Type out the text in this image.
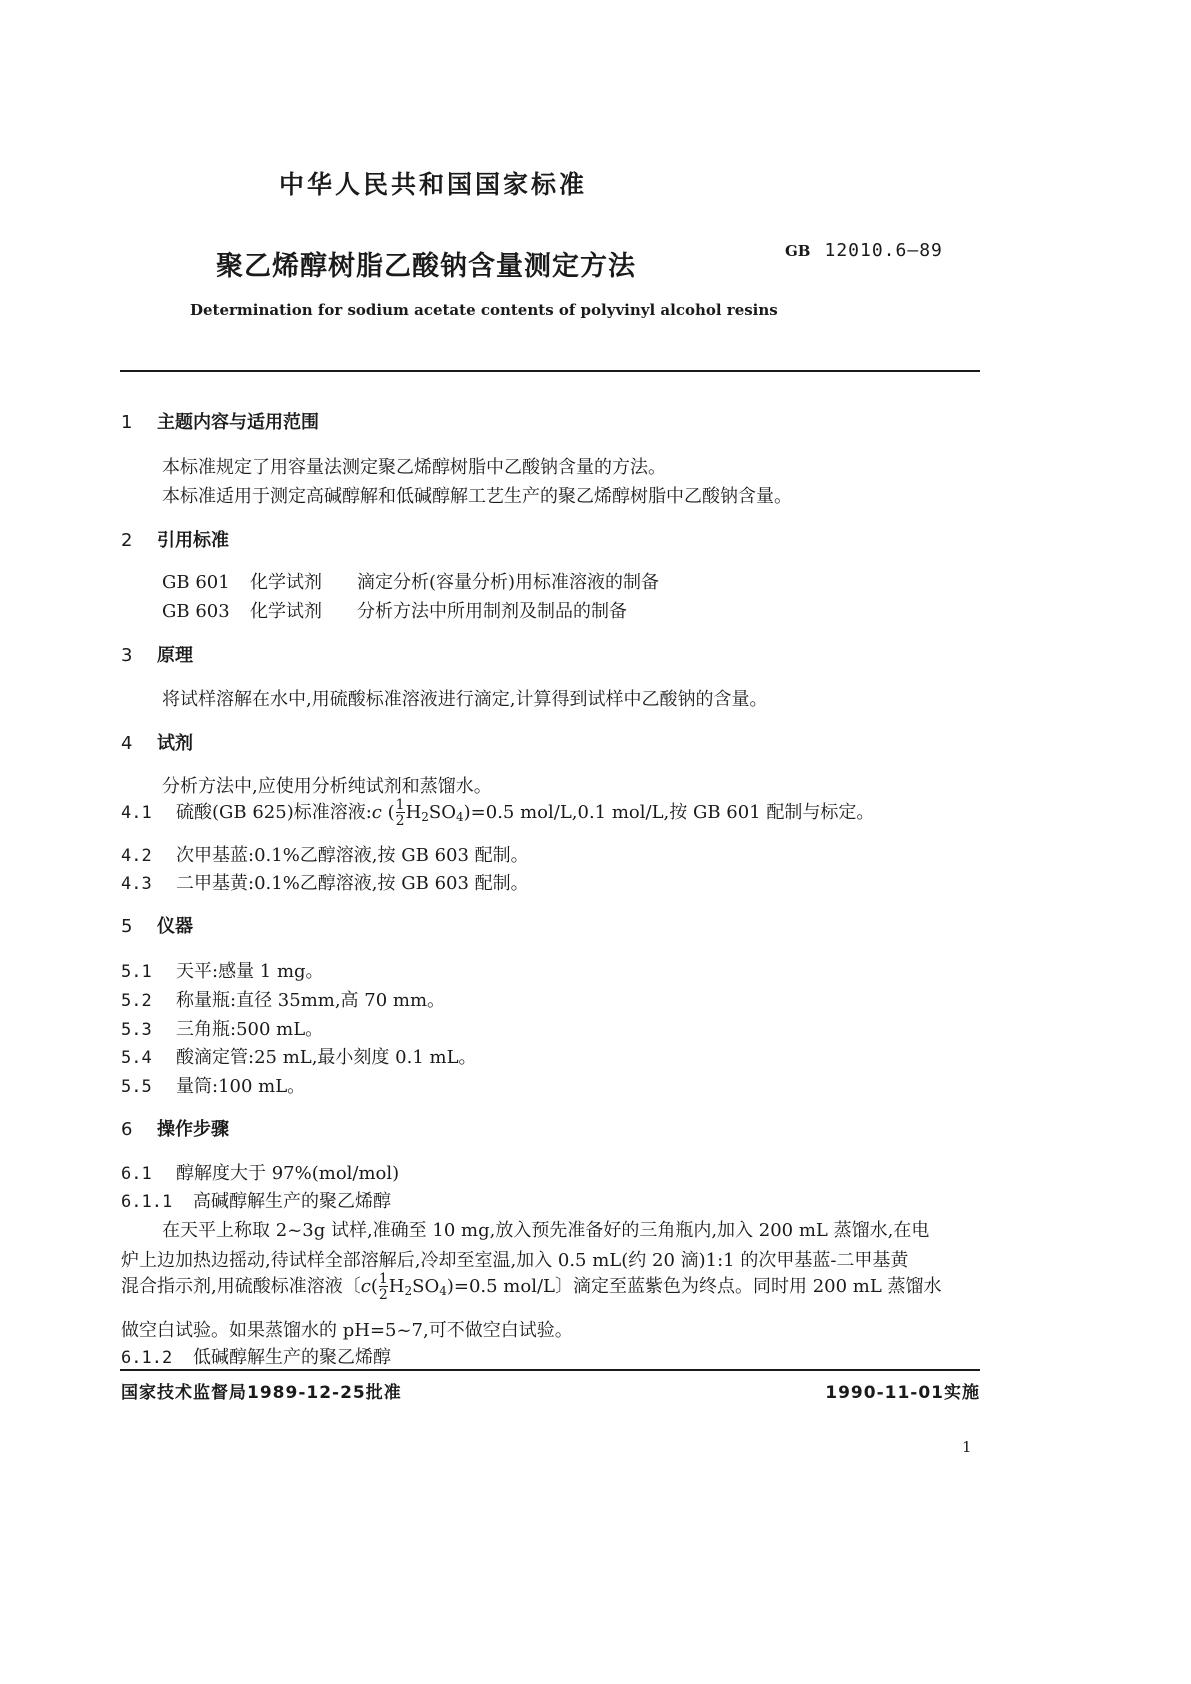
中华人民共和国国家标准
聚乙烯醇树脂乙酸钠含量测定方法	GB 12010.6—89
Determination for sodium acetate contents of polyvinyl alcohol resins
1 主题内容与适用范围
本标准规定了用容量法测定聚乙烯醇树脂中乙酸钠含量的方法。
本标准适用于测定高碱醇解和低碱醇解工艺生产的聚乙烯醇树脂中乙酸钠含量。
2 引用标准
GB 601 化学试剂 滴定分析(容量分析)用标准溶液的制备
GB 603 化学试剂 分析方法中所用制剂及制品的制备
3 原理
将试样溶解在水中,用硫酸标准溶液进行滴定,计算得到试样中乙酸钠的含量。
4 试剂
分析方法中,应使用分析纯试剂和蒸馏水。
4.1 硫酸(GB 625)标准溶液:c ( $\frac{1}{2} H_2SO_4)=0.5$ mol/L,0.1 mol/L,按 GB 601 配制与标定。
4.2 次甲基蓝:0.1%乙醇溶液,按 GB 603 配制。
4.3 二甲基黄:0.1%乙醇溶液,按 GB 603 配制。
5 仪器
5.1 天平:感量 1 mg。
5.2 称量瓶:直径 35mm,高 70 mm。
5.3 三角瓶:500 mL。
5.4 酸滴定管:25 mL,最小刻度 0.1 mL。
5.5 量筒:100 mL。
6 操作步骤
6.1 醇解度大于 97%(mol/mol)
6.1.1 高碱醇解生产的聚乙烯醇
在天平上称取 2~3g 试样,准确至 10 mg,放入预先准备好的三角瓶内,加入 200 mL 蒸馏水,在电
炉上边加热边摇动,待试样全部溶解后,冷却至室温,加入 0.5 mL(约 20 滴)1:1 的次甲基蓝-二甲基黄
混合指示剂,用硫酸标准溶液〔$c( \frac{1}{2} H_2SO_4)=0.5$ mol/L〕滴定至蓝紫色为终点。同时用 200 mL 蒸馏水
做空白试验。如果蒸馏水的 pH=5~7,可不做空白试验。
6.1.2 低碱醇解生产的聚乙烯醇
国家技术监督局1989-12-25批准	1990-11-01实施
1
